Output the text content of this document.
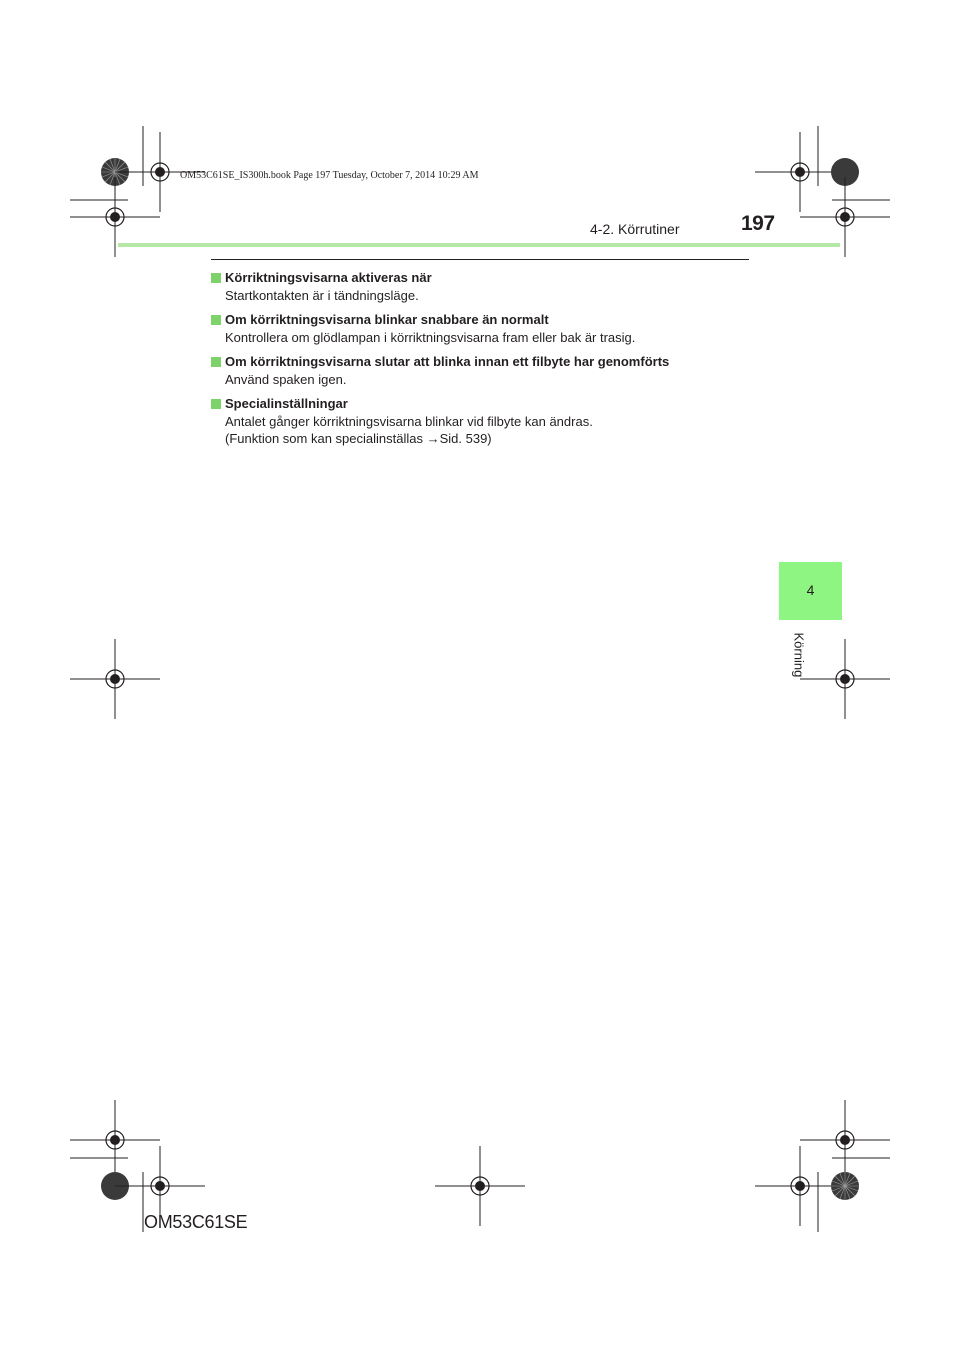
OM53C61SE_IS300h.book Page 197 Tuesday, October 7, 2014 10:29 AM
4-2. Körrutiner	197
Körriktningsvisarna aktiveras när
Startkontakten är i tändningsläge.
Om körriktningsvisarna blinkar snabbare än normalt
Kontrollera om glödlampan i körriktningsvisarna fram eller bak är trasig.
Om körriktningsvisarna slutar att blinka innan ett filbyte har genomförts
Använd spaken igen.
Specialinställningar
Antalet gånger körriktningsvisarna blinkar vid filbyte kan ändras.
(Funktion som kan specialinställas →Sid. 539)
4
Körning
OM53C61SE
